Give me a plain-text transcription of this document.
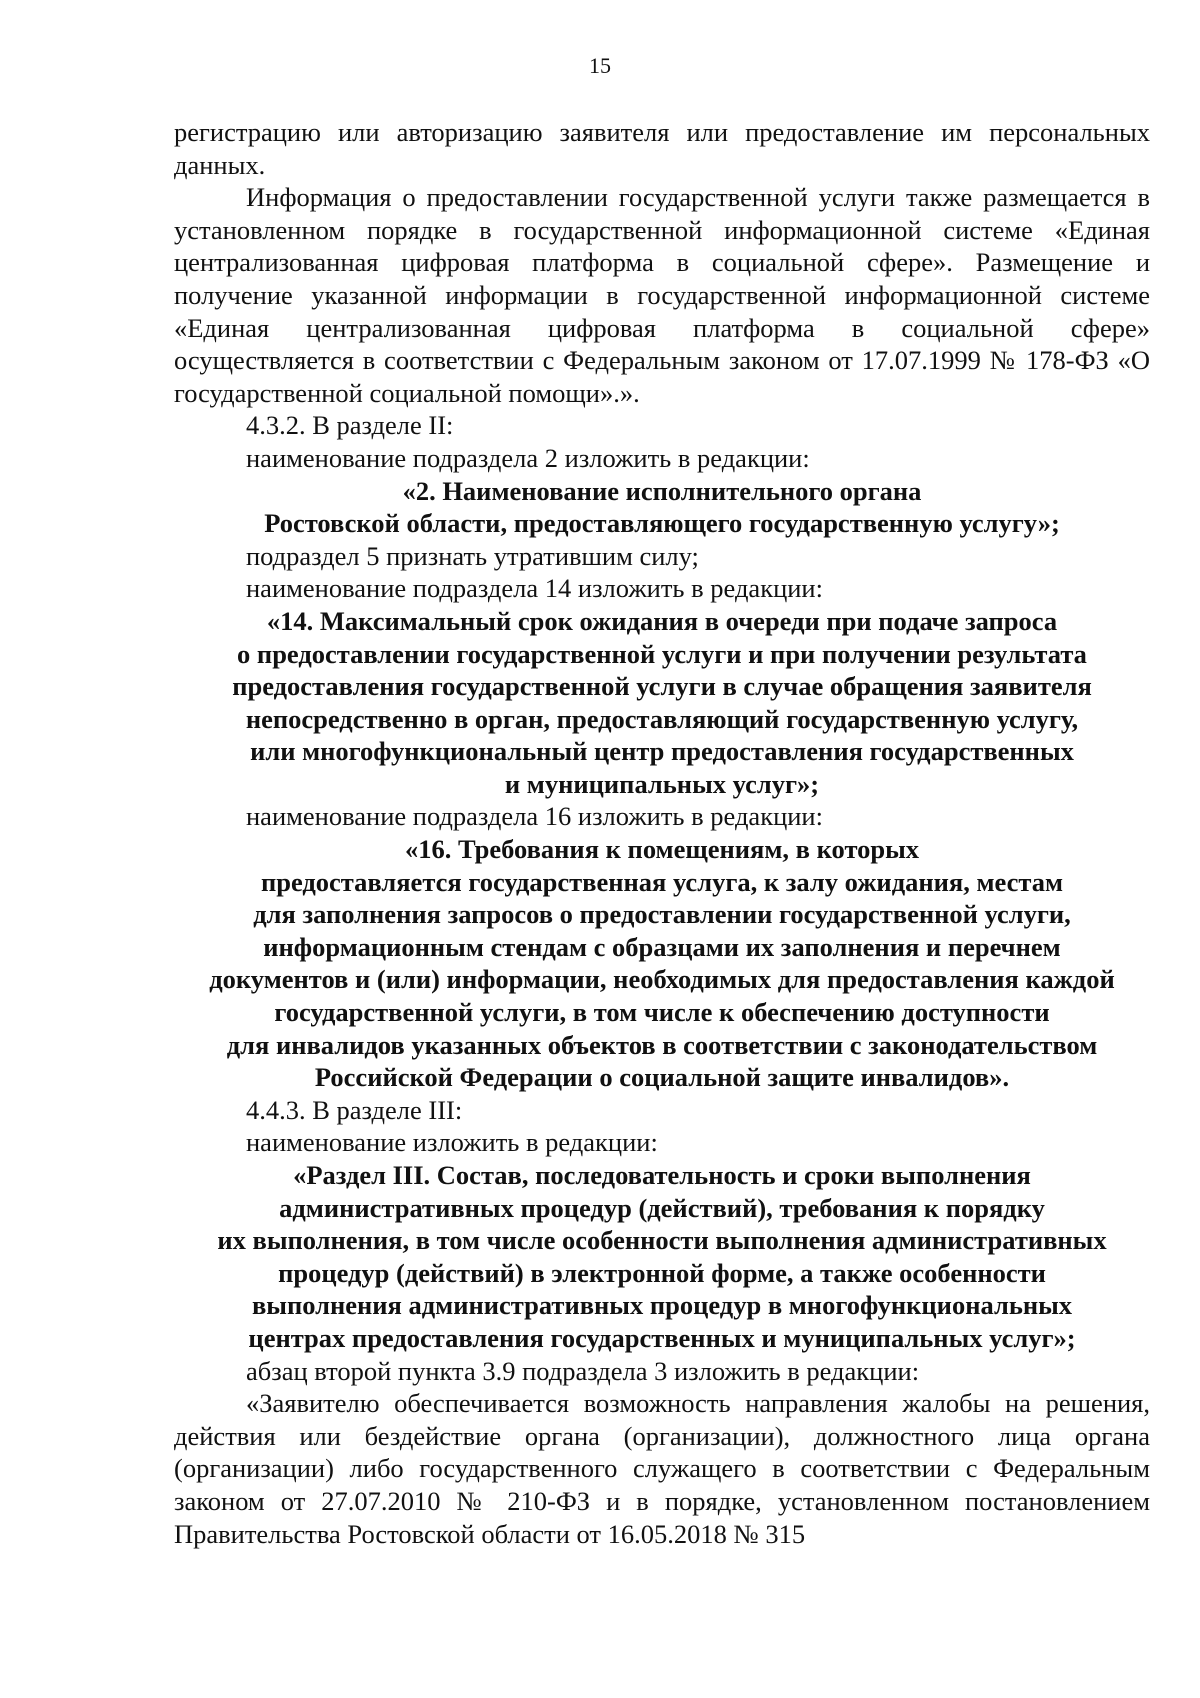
15

регистрацию или авторизацию заявителя или предоставление им персональных данных.

Информация о предоставлении государственной услуги также размещается в установленном порядке в государственной информационной системе «Единая централизованная цифровая платформа в социальной сфере». Размещение и получение указанной информации в государственной информационной системе «Единая централизованная цифровая платформа в социальной сфере» осуществляется в соответствии с Федеральным законом от 17.07.1999 № 178-ФЗ «О государственной социальной помощи».».

4.3.2. В разделе II:

наименование подраздела 2 изложить в редакции:

«2. Наименование исполнительного органа
Ростовской области, предоставляющего государственную услугу»;

подраздел 5 признать утратившим силу;

наименование подраздела 14 изложить в редакции:

«14. Максимальный срок ожидания в очереди при подаче запроса
о предоставлении государственной услуги и при получении результата
предоставления государственной услуги в случае обращения заявителя
непосредственно в орган, предоставляющий государственную услугу,
или многофункциональный центр предоставления государственных
и муниципальных услуг»;

наименование подраздела 16 изложить в редакции:

«16. Требования к помещениям, в которых
предоставляется государственная услуга, к залу ожидания, местам
для заполнения запросов о предоставлении государственной услуги,
информационным стендам с образцами их заполнения и перечнем
документов и (или) информации, необходимых для предоставления каждой
государственной услуги, в том числе к обеспечению доступности
для инвалидов указанных объектов в соответствии с законодательством
Российской Федерации о социальной защите инвалидов».

4.4.3. В разделе III:

наименование изложить в редакции:

«Раздел III. Состав, последовательность и сроки выполнения
административных процедур (действий), требования к порядку
их выполнения, в том числе особенности выполнения административных
процедур (действий) в электронной форме, а также особенности
выполнения административных процедур в многофункциональных
центрах предоставления государственных и муниципальных услуг»;

абзац второй пункта 3.9 подраздела 3 изложить в редакции:

«Заявителю обеспечивается возможность направления жалобы на решения, действия или бездействие органа (организации), должностного лица органа (организации) либо государственного служащего в соответствии с Федеральным законом от 27.07.2010 № 210-ФЗ и в порядке, установленном постановлением Правительства Ростовской области от 16.05.2018 № 315
